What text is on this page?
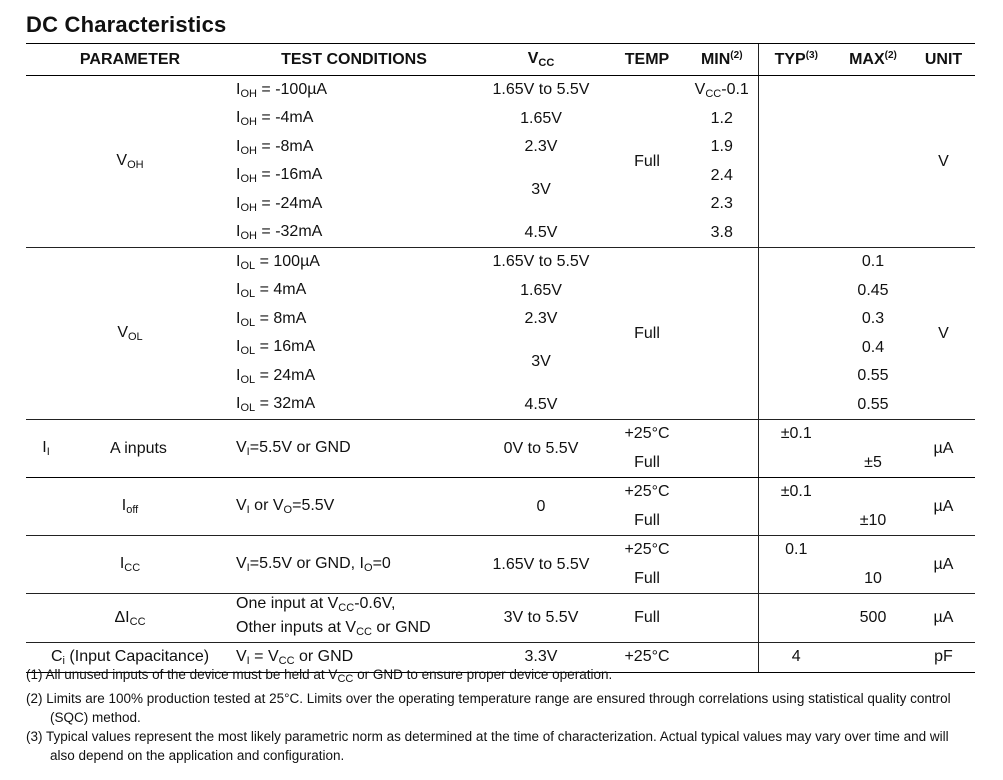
DC Characteristics
PARAMETER		TEST CONDITIONS	$V_{CC}$	TEMP	MIN$^{(2)}$	TYP$^{(3)}$	MAX$^{(2)}$	UNIT
$V_{OH}$		$I_{OH} = -100\mu A$	1.65V to 5.5V	Full	$V_{CC}-0.1$			V
		$I_{OH} = -4mA$	1.65V		1.2			
		$I_{OH} = -8mA$	2.3V		1.9			
		$I_{OH} = -16mA$	3V		2.4			
		$I_{OH} = -24mA$			2.3			
		$I_{OH} = -32mA$	4.5V		3.8			
$V_{OL}$		$I_{OL} = 100\mu A$	1.65V to 5.5V	Full			0.1	V
		$I_{OL} = 4mA$	1.65V				0.45	
		$I_{OL} = 8mA$	2.3V				0.3	
		$I_{OL} = 16mA$	3V				0.4	
		$I_{OL} = 24mA$					0.55	
		$I_{OL} = 32mA$	4.5V				0.55	
$I_I$	A inputs	$V_I=5.5V$ or GND	0V to 5.5V	+25°C		±0.1		µA
				Full			±5	
$I_{off}$		$V_I$ or $V_O=5.5V$	0	+25°C		±0.1		µA
				Full			±10	
$I_{CC}$		$V_I=5.5V$ or GND, $I_O=0$	1.65V to 5.5V	+25°C		0.1		µA
				Full			10	
$\Delta I_{CC}$		One input at $V_{CC}-0.6V$,
Other inputs at $V_{CC}$ or GND	3V to 5.5V	Full			500	µA
$C_i$ (Input Capacitance)		$V_I = V_{CC}$ or GND	3.3V	+25°C		4		pF
(1) All unused inputs of the device must be held at $V_{CC}$ or GND to ensure proper device operation.
(2) Limits are 100% production tested at 25°C. Limits over the operating temperature range are ensured through correlations using statistical quality control (SQC) method.
(3) Typical values represent the most likely parametric norm as determined at the time of characterization. Actual typical values may vary over time and will also depend on the application and configuration.
